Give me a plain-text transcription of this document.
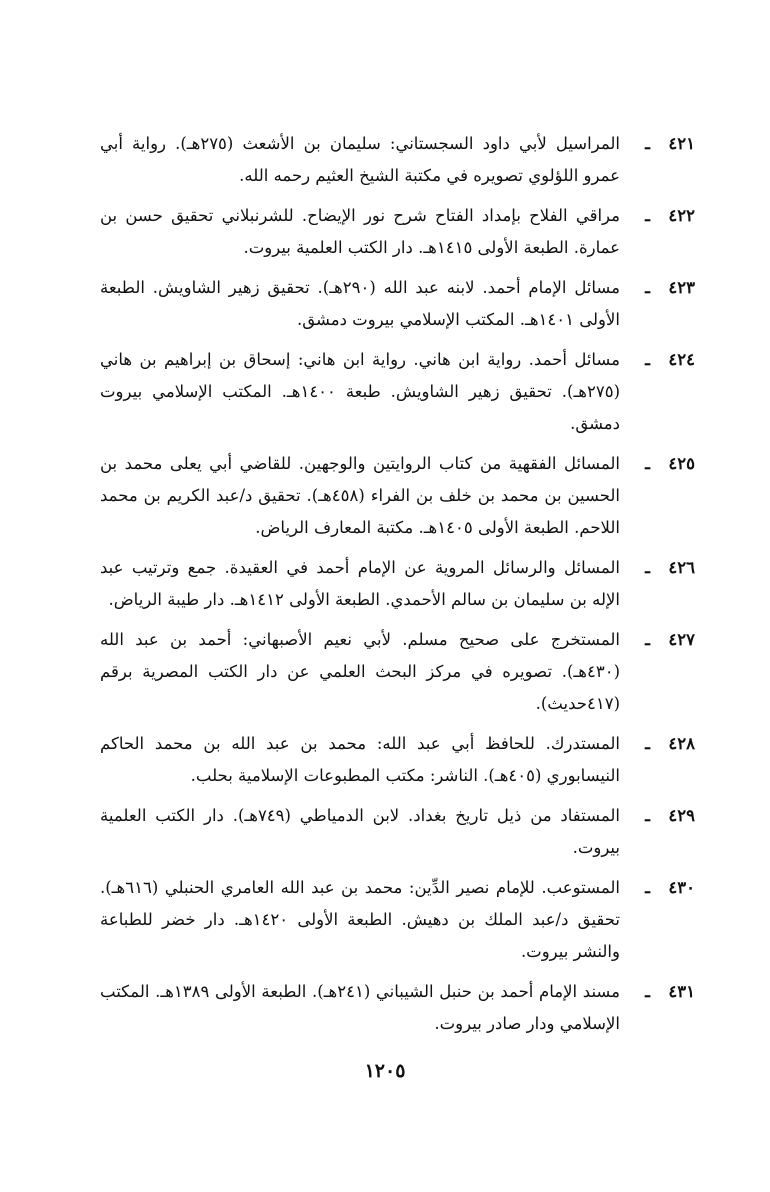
٤٢١
ـ
المراسيل لأبي داود السجستاني: سليمان بن الأشعث (٢٧٥هـ). رواية أبي عمرو اللؤلوي تصويره في مكتبة الشيخ العثيم رحمه الله.
٤٢٢
ـ
مراقي الفلاح بإمداد الفتاح شرح نور الإيضاح. للشرنبلاني تحقيق حسن بن عمارة. الطبعة الأولى ١٤١٥هـ. دار الكتب العلمية بيروت.
٤٢٣
ـ
مسائل الإمام أحمد. لابنه عبد الله (٢٩٠هـ). تحقيق زهير الشاويش. الطبعة الأولى ١٤٠١هـ. المكتب الإسلامي بيروت دمشق.
٤٢٤
ـ
مسائل أحمد. رواية ابن هاني. رواية ابن هاني: إسحاق بن إبراهيم بن هاني (٢٧٥هـ). تحقيق زهير الشاويش. طبعة ١٤٠٠هـ. المكتب الإسلامي بيروت دمشق.
٤٢٥
ـ
المسائل الفقهية من كتاب الروايتين والوجهين. للقاضي أبي يعلى محمد بن الحسين بن محمد بن خلف بن الفراء (٤٥٨هـ). تحقيق د/عبد الكريم بن محمد اللاحم. الطبعة الأولى ١٤٠٥هـ. مكتبة المعارف الرياض.
٤٢٦
ـ
المسائل والرسائل المروية عن الإمام أحمد في العقيدة. جمع وترتيب عبد الإله بن سليمان بن سالم الأحمدي. الطبعة الأولى ١٤١٢هـ. دار طيبة الرياض.
٤٢٧
ـ
المستخرج على صحيح مسلم. لأبي نعيم الأصبهاني: أحمد بن عبد الله (٤٣٠هـ). تصويره في مركز البحث العلمي عن دار الكتب المصرية برقم (٤١٧حديث).
٤٢٨
ـ
المستدرك. للحافظ أبي عبد الله: محمد بن عبد الله بن محمد الحاكم النيسابوري (٤٠٥هـ). الناشر: مكتب المطبوعات الإسلامية بحلب.
٤٢٩
ـ
المستفاد من ذيل تاريخ بغداد. لابن الدمياطي (٧٤٩هـ). دار الكتب العلمية بيروت.
٤٣٠
ـ
المستوعب. للإمام نصير الدِّين: محمد بن عبد الله العامري الحنبلي (٦١٦هـ). تحقيق د/عبد الملك بن دهيش. الطبعة الأولى ١٤٢٠هـ. دار خضر للطباعة والنشر بيروت.
٤٣١
ـ
مسند الإمام أحمد بن حنبل الشيباني (٢٤١هـ). الطبعة الأولى ١٣٨٩هـ. المكتب الإسلامي ودار صادر بيروت.
١٢٠٥
